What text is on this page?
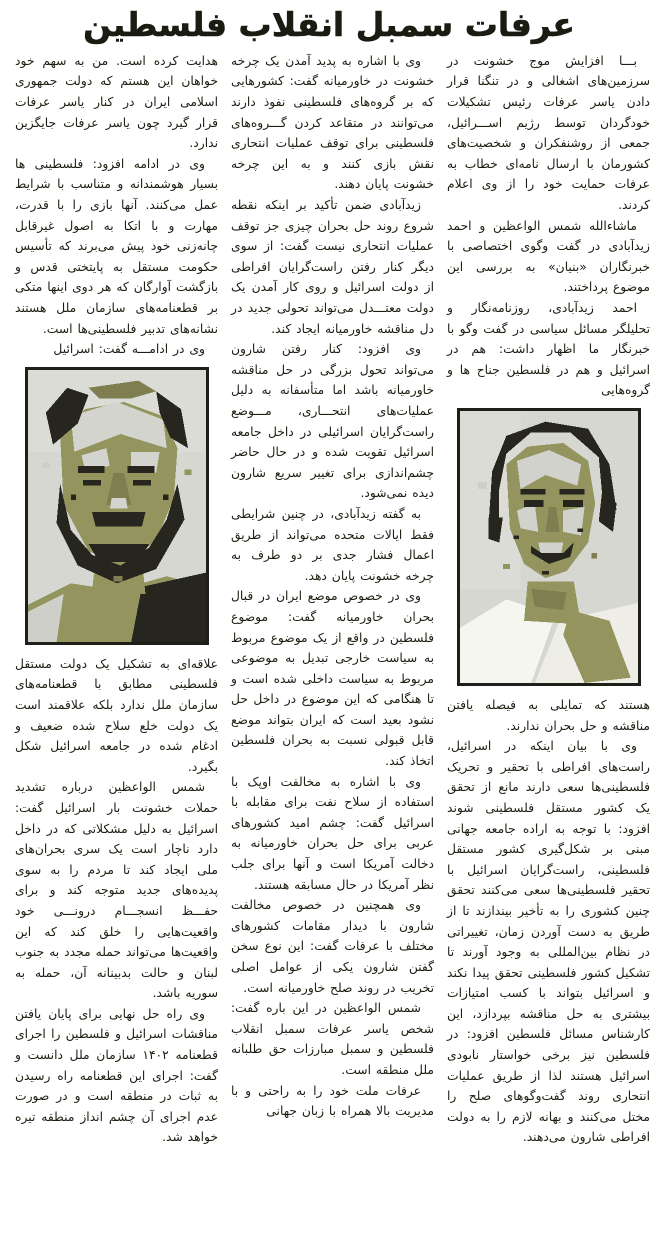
عرفات سمبل انقلاب فلسطین

بـــا افزایش موج خشونت در سرزمین‌های اشغالی و در تنگنا قرار دادن یاسر عرفات رئیس تشکیلات خودگردان توسط رژیم اســـرائیل، جمعی از روشنفکران و شخصیت‌های کشورمان با ارسال نامه‌ای خطاب به عرفات حمایت خود را از وی اعلام کردند.

ماشاءالله شمس الواعظین و احمد زیدآبادی در گفت وگوی اختصاصی با خبرنگاران «بنیان» به بررسی این موضوع پرداختند.

احمد زیدآبادی، روزنامه‌نگار و تحلیلگر مسائل سیاسی در گفت وگو با خبرنگار ما اظهار داشت: هم در اسرائیل و هم در فلسطین جناح ها و گروه‌هایی

هستند که تمایلی به فیصله یافتن مناقشه و حل بحران ندارند.

وی با بیان اینکه در اسرائیل، راست‌های افراطی با تحقیر و تحریک فلسطینی‌ها سعی دارند مانع از تحقق یک کشور مستقل فلسطینی شوند افزود: با توجه به اراده جامعه جهانی مبنی بر شکل‌گیری کشور مستقل فلسطینی، راست‌گرایان اسرائیل با تحقیر فلسطینی‌ها سعی می‌کنند تحقق چنین کشوری را به تأخیر بیندازند تا از طریق به دست آوردن زمان، تغییراتی در نظام بین‌المللی به وجود آورند تا تشکیل کشور فلسطینی تحقق پیدا نکند و اسرائیل بتواند با کسب امتیازات بیشتری به حل مناقشه بپردازد، این کارشناس مسائل فلسطین افزود: در فلسطین نیز برخی خواستار نابودی اسرائیل هستند لذا از طریق عملیات انتحاری روند گفت‌وگوهای صلح را مختل می‌کنند و بهانه لازم را به دولت افراطی شارون می‌دهند.

وی با اشاره به پدید آمدن یک چرخه خشونت در خاورمیانه گفت: کشورهایی که بر گروه‌های فلسطینی نفوذ دارند می‌توانند در متقاعد کردن گـــروه‌های فلسطینی برای توقف عملیات انتحاری نقش بازی کنند و به این چرخه خشونت پایان دهند.

زیدآبادی ضمن تأکید بر اینکه نقطه شروع روند حل بحران چیزی جز توقف عملیات انتحاری نیست گفت: از سوی دیگر کنار رفتن راست‌گرایان افراطی از دولت اسرائیل و روی کار آمدن یک دولت معتـــدل می‌تواند تحولی جدید در دل مناقشه خاورمیانه ایجاد کند.

وی افزود: کنار رفتن شارون می‌تواند تحول بزرگی در حل مناقشه خاورمیانه باشد اما متأسفانه به دلیل عملیات‌های انتحـــاری، مـــوضع راست‌گرایان اسرائیلی در داخل جامعه اسرائیل تقویت شده و در حال حاضر چشم‌اندازی برای تغییر سریع شارون دیده نمی‌شود.

به گفته زیدآبادی، در چنین شرایطی فقط ایالات متحده می‌تواند از طریق اعمال فشار جدی بر دو طرف به چرخه خشونت پایان دهد.

وی در خصوص موضع ایران در قبال بحران خاورمیانه گفت: موضوع فلسطین در واقع از یک موضوع مربوط به سیاست خارجی تبدیل به موضوعی مربوط به سیاست داخلی شده است و تا هنگامی که این موضوع در داخل حل نشود بعید است که ایران بتواند موضع قابل قبولی نسبت به بحران فلسطین اتخاذ کند.

وی با اشاره به مخالفت اوپک با استفاده از سلاح نفت برای مقابله با اسرائیل گفت: چشم امید کشورهای عربی برای حل بحران خاورمیانه به دخالت آمریکا است و آنها برای جلب نظر آمریکا در حال مسابقه هستند.

وی همچنین در خصوص مخالفت شارون با دیدار مقامات کشورهای مختلف با عرفات گفت: این نوع سخن گفتن شارون یکی از عوامل اصلی تخریب در روند صلح خاورمیانه است.

شمس الواعظین در این باره گفت: شخص یاسر عرفات سمبل انقلاب فلسطین و سمبل مبارزات حق طلبانه ملل منطقه است.

عرفات ملت خود را به راحتی و با مدیریت بالا همراه با زبان جهانی

هدایت کرده است. من به سهم خود خواهان این هستم که دولت جمهوری اسلامی ایران در کنار یاسر عرفات قرار گیرد چون یاسر عرفات جایگزین ندارد.

وی در ادامه افزود: فلسطینی ها بسیار هوشمندانه و متناسب با شرایط عمل می‌کنند. آنها بازی را با قدرت، مهارت و با اتکا به اصول غیرقابل چانه‌زنی خود پیش می‌برند که تأسیس حکومت مستقل به پایتختی قدس و بازگشت آوارگان که هر دوی اینها متکی بر قطعنامه‌های سازمان ملل هستند نشانه‌های تدبیر فلسطینی‌ها است.

وی در ادامـــه گفت: اسرائیل

علاقه‌ای به تشکیل یک دولت مستقل فلسطینی مطابق با قطعنامه‌های سازمان ملل ندارد بلکه علاقمند است یک دولت خلع سلاح شده ضعیف و ادغام شده در جامعه اسرائیل شکل بگیرد.

شمس الواعظین درباره تشدید حملات خشونت بار اسرائیل گفت: اسرائیل به دلیل مشکلاتی که در داخل دارد ناچار است یک سری بحران‌های ملی ایجاد کند تا مردم را به سوی پدیده‌های جدید متوجه کند و برای حفـــظ انسجـــام درونـــی خود واقعیت‌هایی را خلق کند که این واقعیت‌ها می‌تواند حمله مجدد به جنوب لبنان و حالت بدبینانه آن، حمله به سوریه باشد.

وی راه حل نهایی برای پایان یافتن مناقشات اسرائیل و فلسطین را اجرای قطعنامه ۱۴۰۲ سازمان ملل دانست و گفت: اجرای این قطعنامه راه رسیدن به ثبات در منطقه است و در صورت عدم اجرای آن چشم انداز منطقه تیره خواهد شد.
